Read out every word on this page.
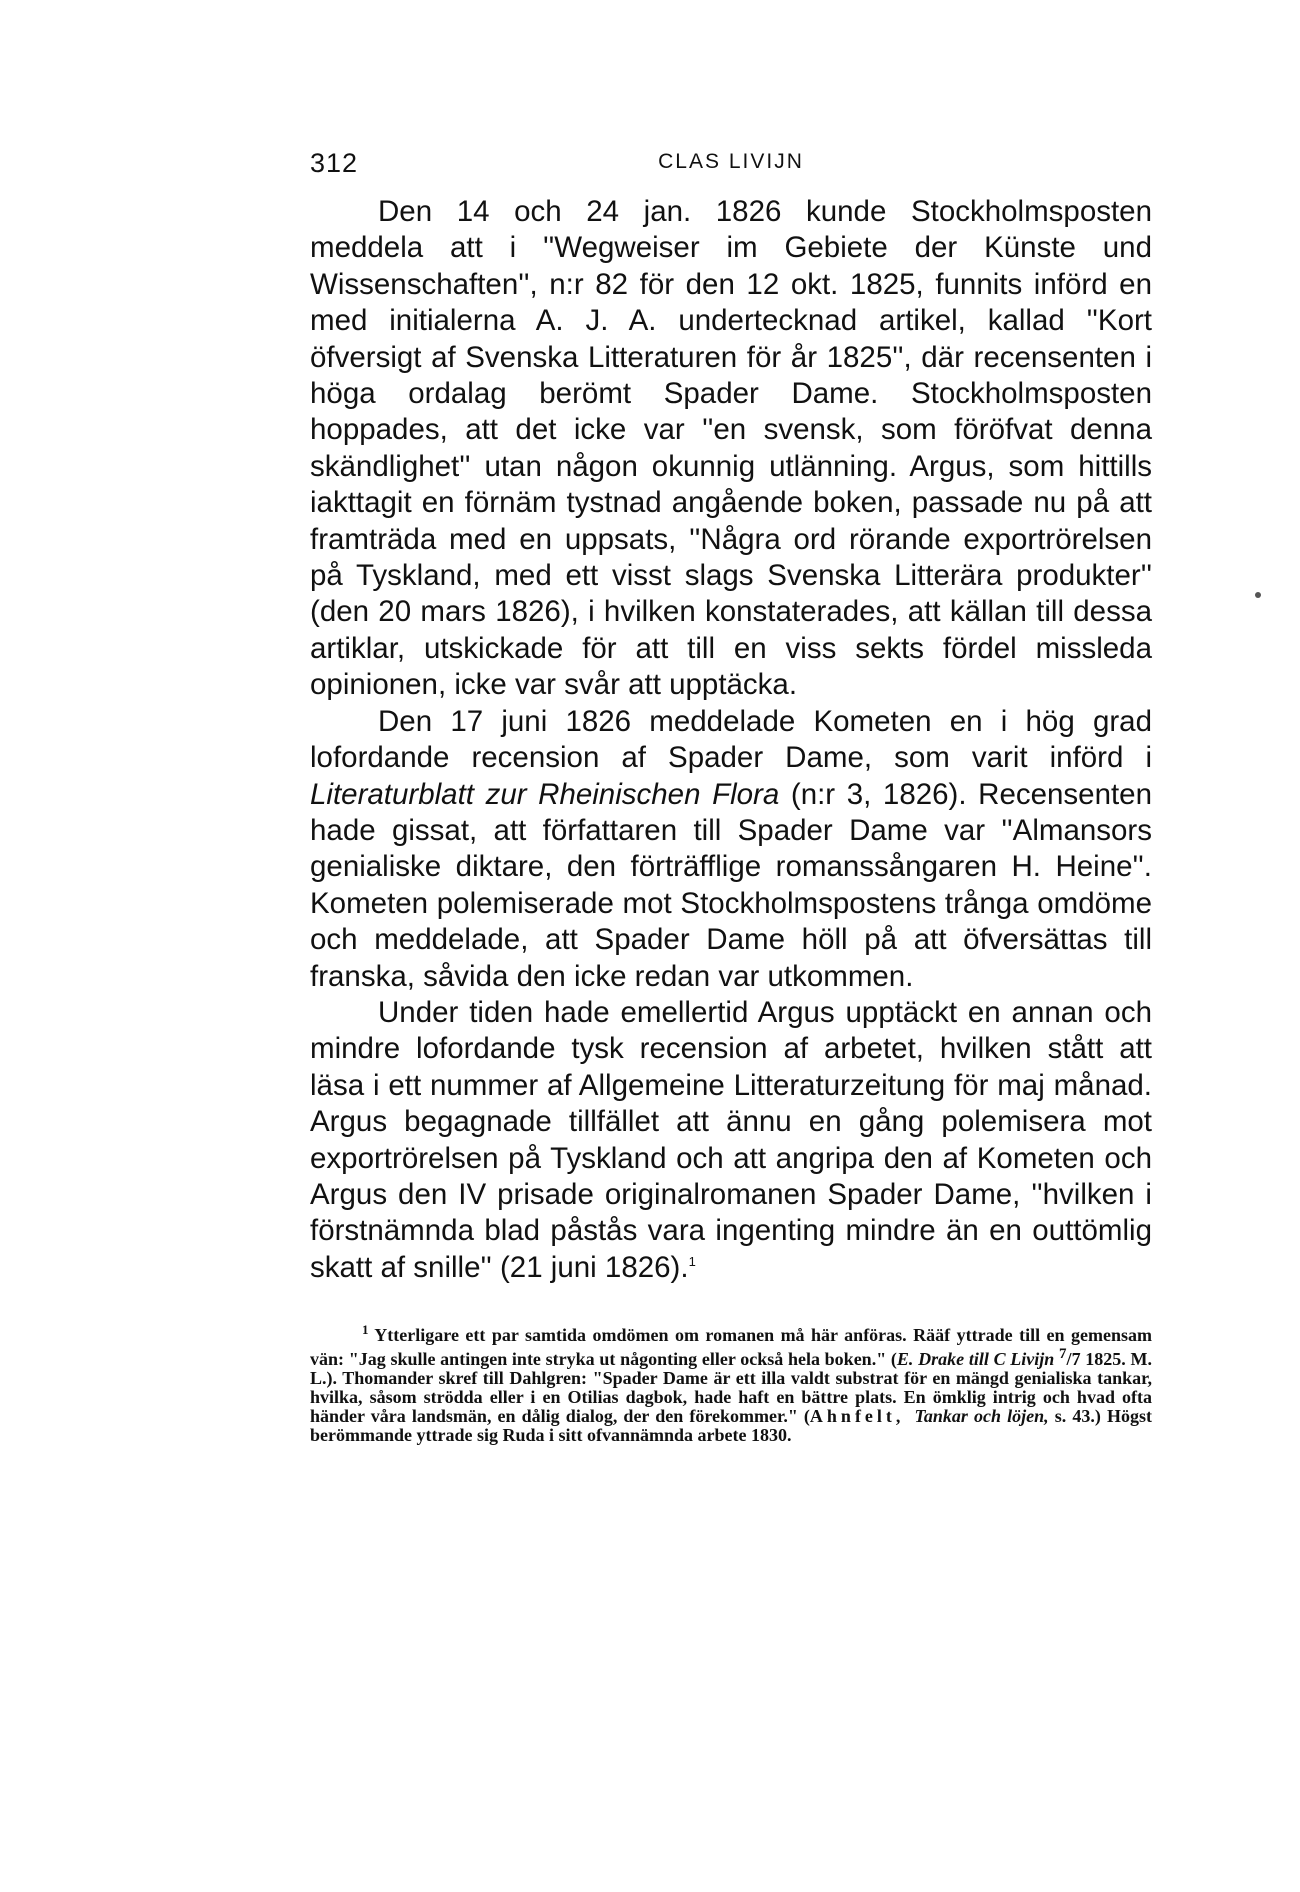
312	CLAS LIVIJN

Den 14 och 24 jan. 1826 kunde Stockholmsposten meddela att i ''Wegweiser im Gebiete der Künste und Wissenschaften'', n:r 82 för den 12 okt. 1825, funnits införd en med initialerna A. J. A. undertecknad artikel, kallad ''Kort öfversigt af Svenska Litteraturen för år 1825'', där recensenten i höga ordalag berömt Spader Dame. Stockholmsposten hoppades, att det icke var ''en svensk, som föröfvat denna skändlighet'' utan någon okunnig utlänning. Argus, som hittills iakttagit en förnäm tystnad angående boken, passade nu på att framträda med en uppsats, ''Några ord rörande exportrörelsen på Tyskland, med ett visst slags Svenska Litterära produkter'' (den 20 mars 1826), i hvilken konstaterades, att källan till dessa artiklar, utskickade för att till en viss sekts fördel missleda opinionen, icke var svår att upptäcka.

Den 17 juni 1826 meddelade Kometen en i hög grad lofordande recension af Spader Dame, som varit införd i Literaturblatt zur Rheinischen Flora (n:r 3, 1826). Recensenten hade gissat, att författaren till Spader Dame var ''Almansors genialiske diktare, den förträfflige romanssångaren H. Heine''. Kometen polemiserade mot Stockholmspostens trånga omdöme och meddelade, att Spader Dame höll på att öfversättas till franska, såvida den icke redan var utkommen.

Under tiden hade emellertid Argus upptäckt en annan och mindre lofordande tysk recension af arbetet, hvilken stått att läsa i ett nummer af Allgemeine Litteraturzeitung för maj månad. Argus begagnade tillfället att ännu en gång polemisera mot exportrörelsen på Tyskland och att angripa den af Kometen och Argus den IV prisade originalromanen Spader Dame, ''hvilken i förstnämnda blad påstås vara ingenting mindre än en outtömlig skatt af snille'' (21 juni 1826).$^1$

$^1$ Ytterligare ett par samtida omdömen om romanen må här anföras. Rääf yttrade till en gemensam vän: "Jag skulle antingen inte stryka ut någonting eller också hela boken." (E. Drake till C Livijn $^7$/7 1825. M. L.). Thomander skref till Dahlgren: "Spader Dame är ett illa valdt substrat för en mängd genialiska tankar, hvilka, såsom strödda eller i en Otilias dagbok, hade haft en bättre plats. En ömklig intrig och hvad ofta händer våra landsmän, en dålig dialog, der den förekommer." (Ahnfelt, Tankar och löjen, s. 43.) Högst berömmande yttrade sig Ruda i sitt ofvannämnda arbete 1830.
